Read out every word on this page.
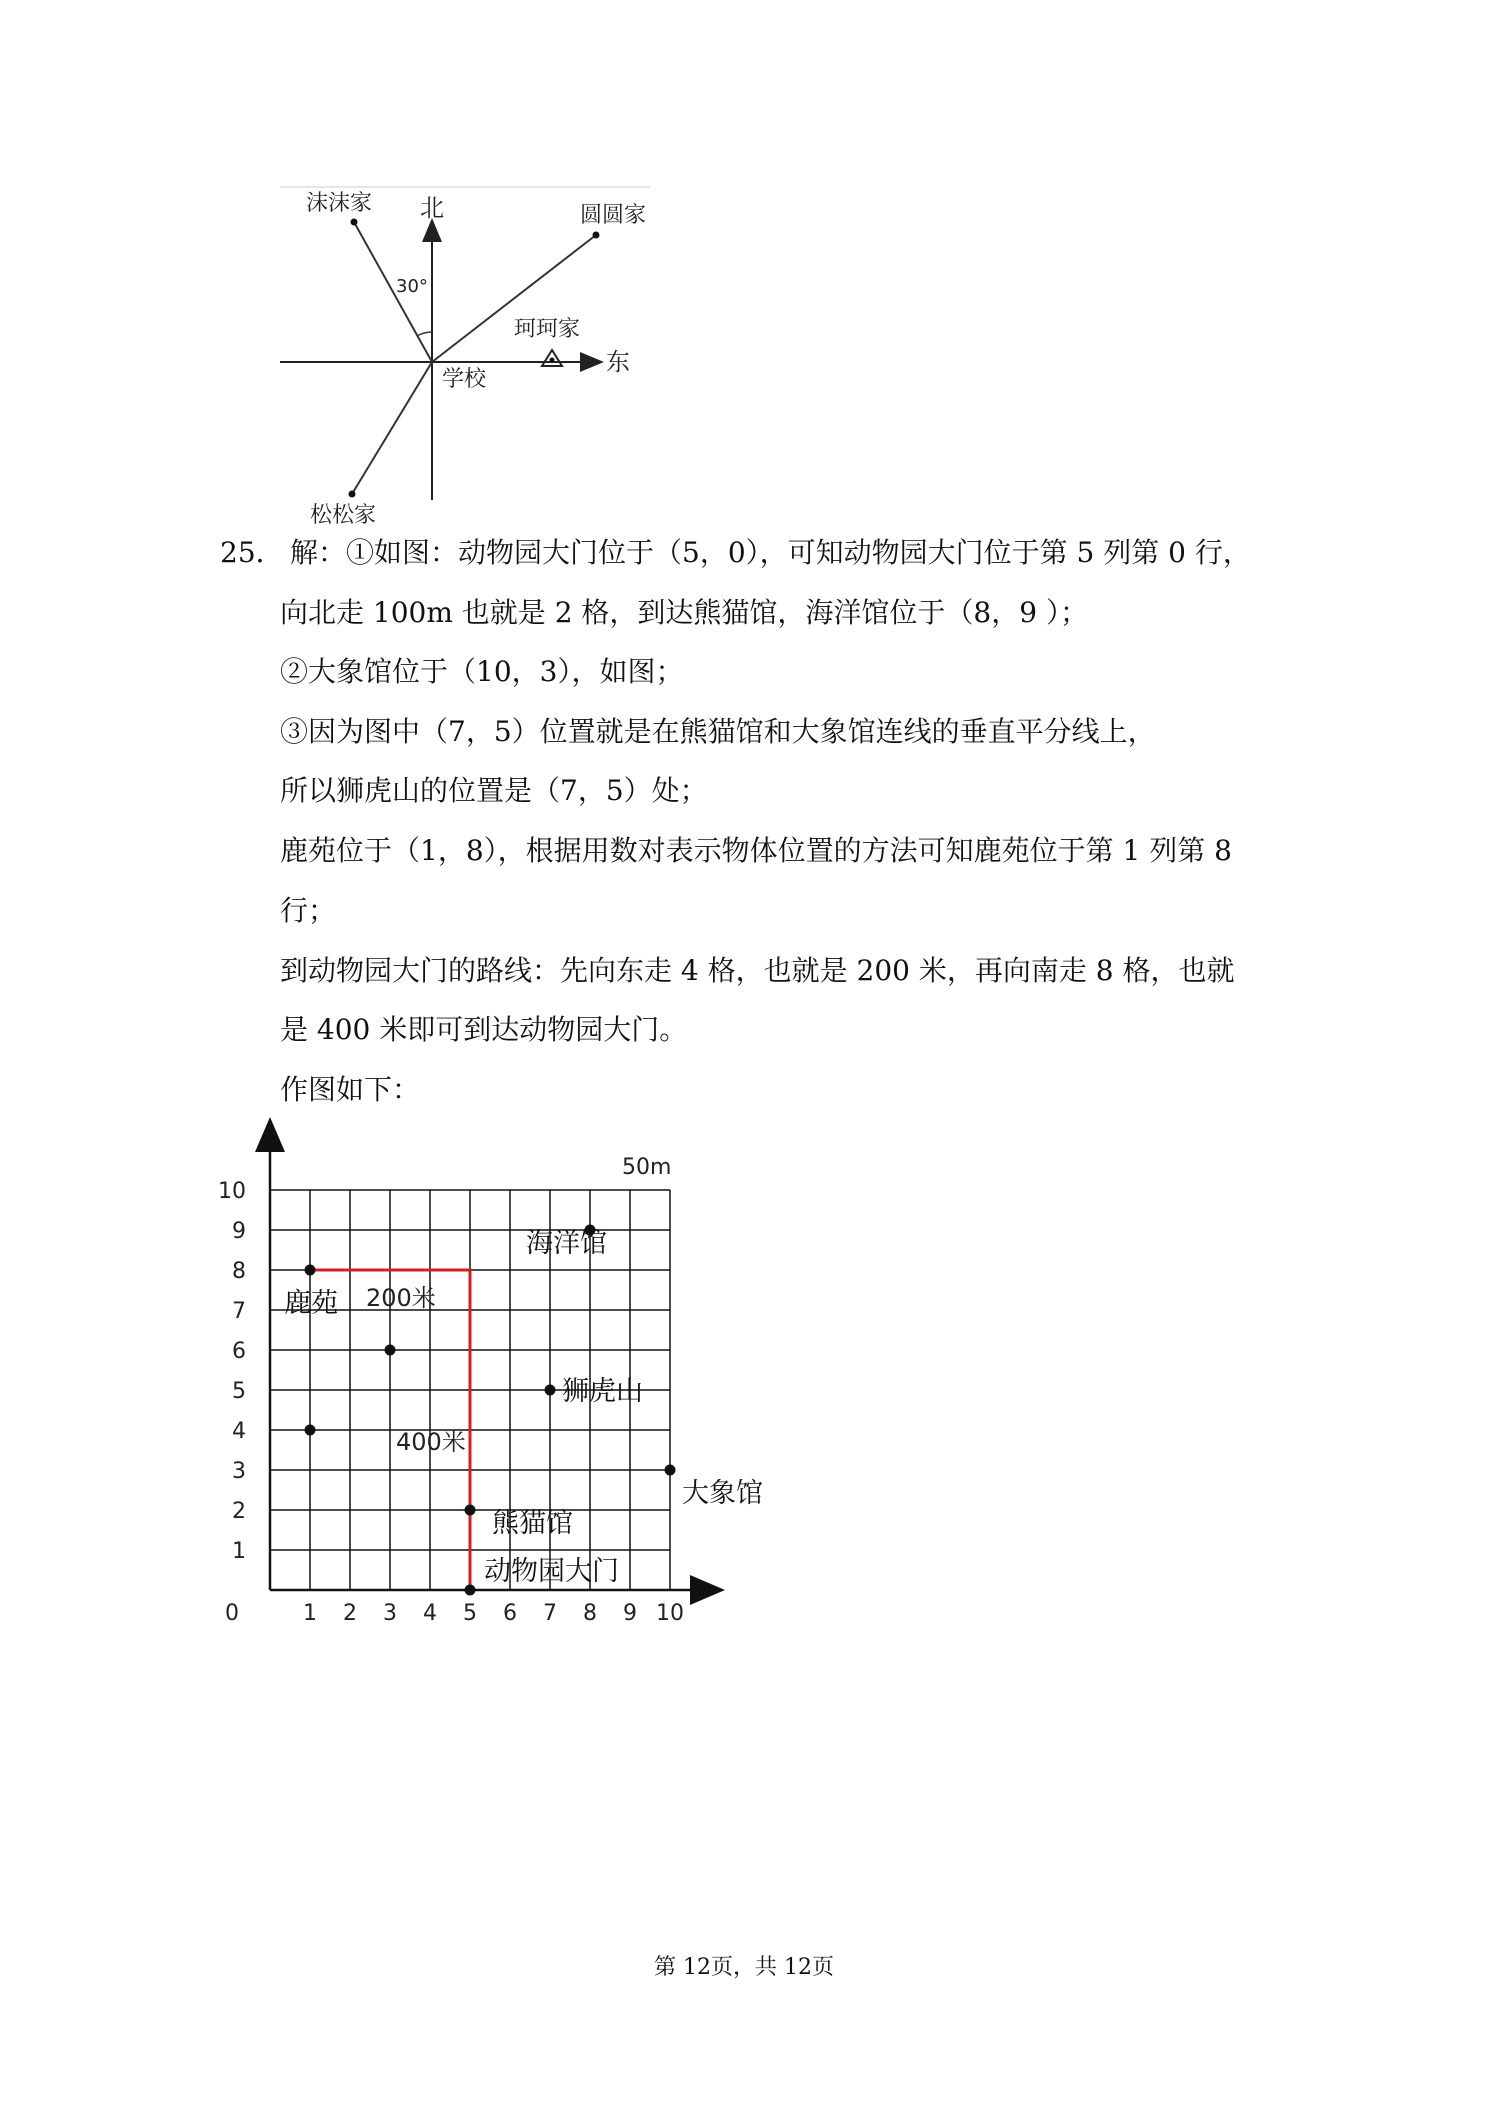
沫沫家 北	圆圆家
30°
珂珂家
东
学校
松松家
25． 解：①如图：动物园大门位于（5，0），可知动物园大门位于第 5 列第 0 行，
向北走 100m 也就是 2 格，到达熊猫馆，海洋馆位于（8，9 ）；
②大象馆位于（10，3），如图；
③因为图中（7，5）位置就是在熊猫馆和大象馆连线的垂直平分线上，
所以狮虎山的位置是（7，5）处；
鹿苑位于（1，8），根据用数对表示物体位置的方法可知鹿苑位于第 1 列第 8
行；
到动物园大门的路线：先向东走 4 格，也就是 200 米，再向南走 8 格，也就
是 400 米即可到达动物园大门。
作图如下：
0	1 2 3 4 5 6 7 8 9 10
1
2
3
4
5
6
7
8
9
10
50m
鹿苑 200米
海洋馆
狮虎山
400米
大象馆
熊猫馆
动物园大门
第 12页，共 12页
